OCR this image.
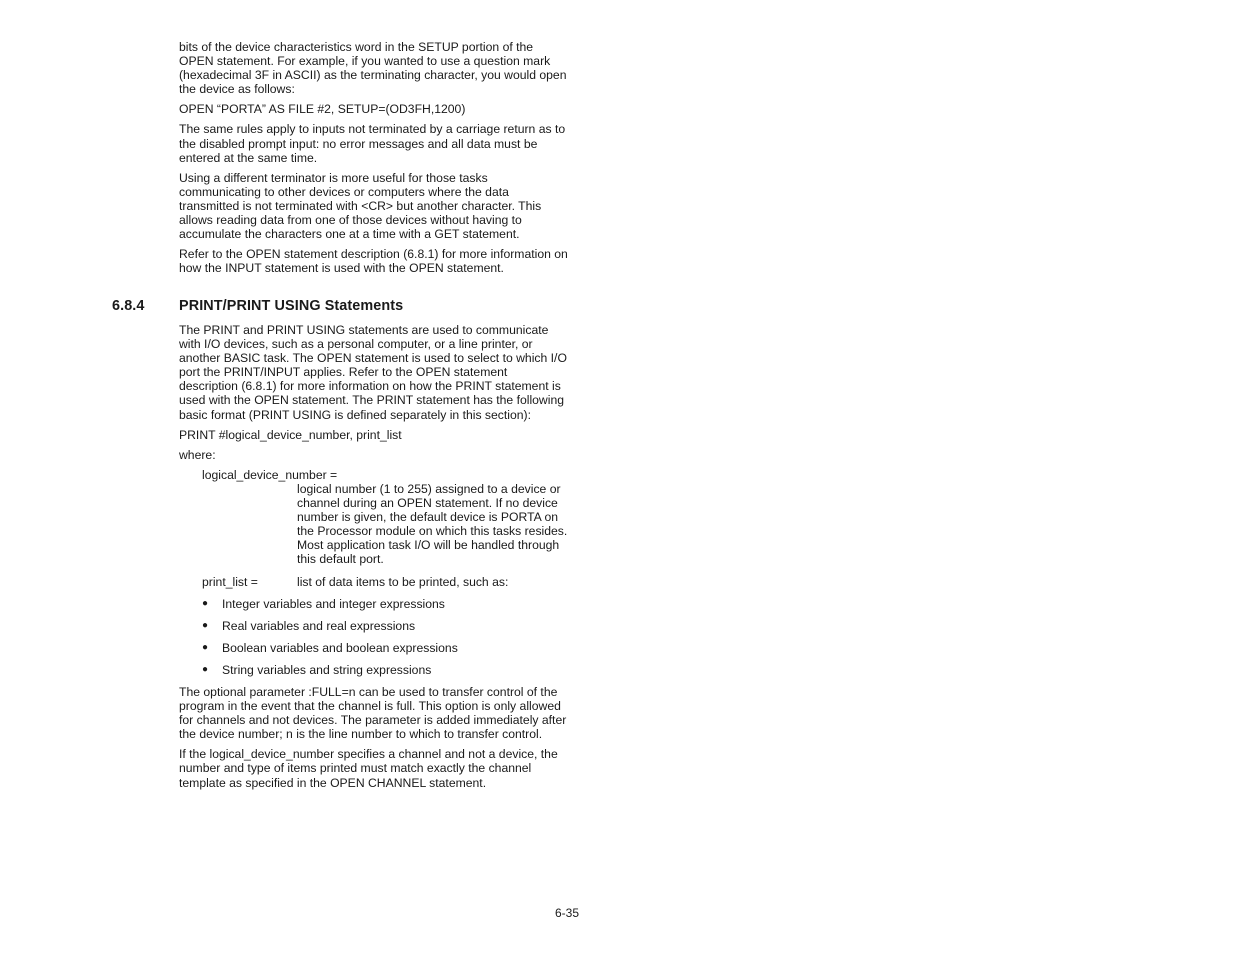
bits of the device characteristics word in the SETUP portion of the OPEN statement. For example, if you wanted to use a question mark (hexadecimal 3F in ASCII) as the terminating character, you would open the device as follows:

OPEN “PORTA” AS FILE #2, SETUP=(OD3FH,1200)

The same rules apply to inputs not terminated by a carriage return as to the disabled prompt input: no error messages and all data must be entered at the same time.

Using a different terminator is more useful for those tasks communicating to other devices or computers where the data transmitted is not terminated with <CR> but another character. This allows reading data from one of those devices without having to accumulate the characters one at a time with a GET statement.

Refer to the OPEN statement description (6.8.1) for more information on how the INPUT statement is used with the OPEN statement.

6.8.4 PRINT/PRINT USING Statements

The PRINT and PRINT USING statements are used to communicate with I/O devices, such as a personal computer, or a line printer, or another BASIC task. The OPEN statement is used to select to which I/O port the PRINT/INPUT applies. Refer to the OPEN statement description (6.8.1) for more information on how the PRINT statement is used with the OPEN statement. The PRINT statement has the following basic format (PRINT USING is defined separately in this section):

PRINT #logical_device_number, print_list

where:

logical_device_number =
logical number (1 to 255) assigned to a device or channel during an OPEN statement. If no device number is given, the default device is PORTA on the Processor module on which this tasks resides. Most application task I/O will be handled through this default port.
print_list =	list of data items to be printed, such as:
●	Integer variables and integer expressions
●	Real variables and real expressions
●	Boolean variables and boolean expressions
●	String variables and string expressions

The optional parameter :FULL=n can be used to transfer control of the program in the event that the channel is full. This option is only allowed for channels and not devices. The parameter is added immediately after the device number; n is the line number to which to transfer control.

If the logical_device_number specifies a channel and not a device, the number and type of items printed must match exactly the channel template as specified in the OPEN CHANNEL statement.

6-35
